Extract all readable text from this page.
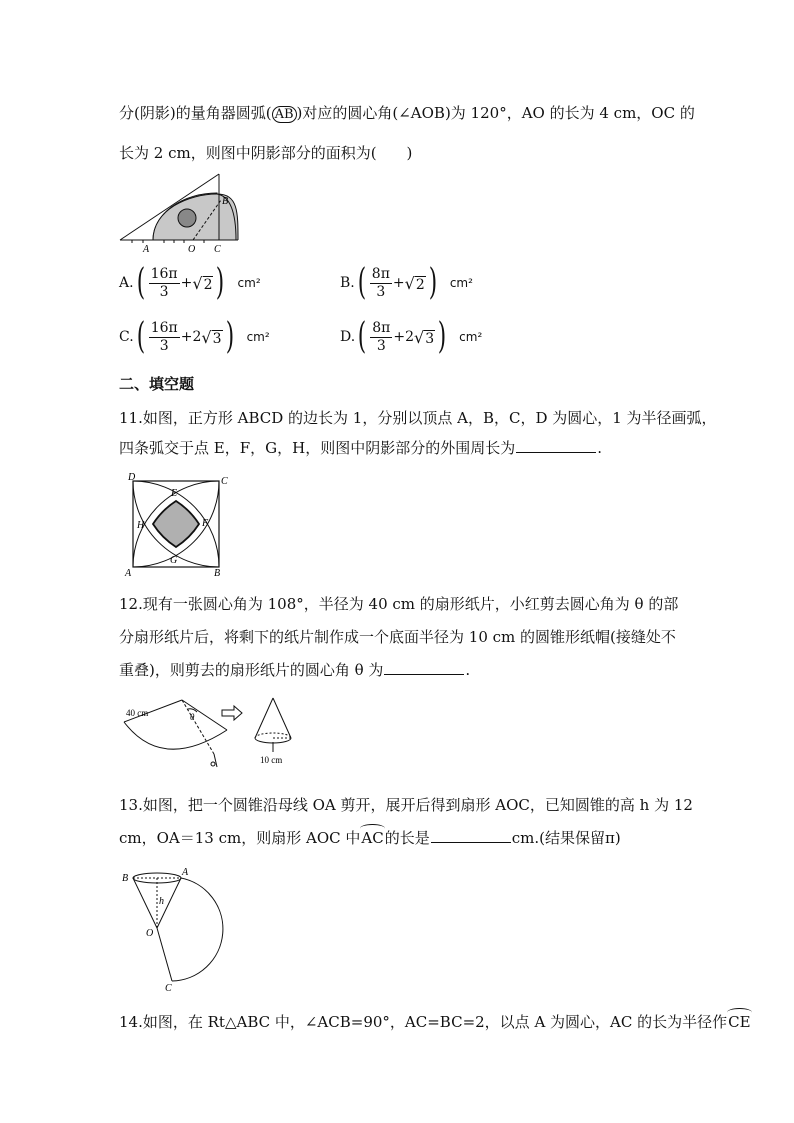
分(阴影)的量角器圆弧( AB )对应的圆心角(∠AOB)为 120°，AO 的长为 4 cm，OC 的
长为 2 cm，则图中阴影部分的面积为(　　)
A	O C
B
A. ( $\frac{16\pi}{3}$ + √ 2 ) cm²	B. ( $\frac{8\pi}{3}$ + √ 2 ) cm²
C. ( $\frac{16\pi}{3} + 2$ √ 3 ) cm²	D. ( $\frac{8\pi}{3} + 2$ √ 3 ) cm²
二、填空题
11.如图，正方形 ABCD 的边长为 1，分别以顶点 A，B，C，D 为圆心，1 为半径画弧，
四条弧交于点 E，F，G，H，则图中阴影部分的外围周长为	.
D	C
E
H	F
G
A	B
12.现有一张圆心角为 108°，半径为 40 cm 的扇形纸片，小红剪去圆心角为 θ 的部
分扇形纸片后，将剩下的纸片制作成一个底面半径为 10 cm 的圆锥形纸帽(接缝处不
重叠)，则剪去的扇形纸片的圆心角 θ 为	.
40 cm	θ
10 cm
13.如图，把一个圆锥沿母线 OA 剪开，展开后得到扇形 AOC，已知圆锥的高 h 为 12
cm，OA＝13 cm，则扇形 AOC 中AC的长是	cm.(结果保留π)
B
A
h
O
C
14.如图，在 Rt△ABC 中，∠ACB=90°，AC=BC=2，以点 A 为圆心，AC 的长为半径作CE
